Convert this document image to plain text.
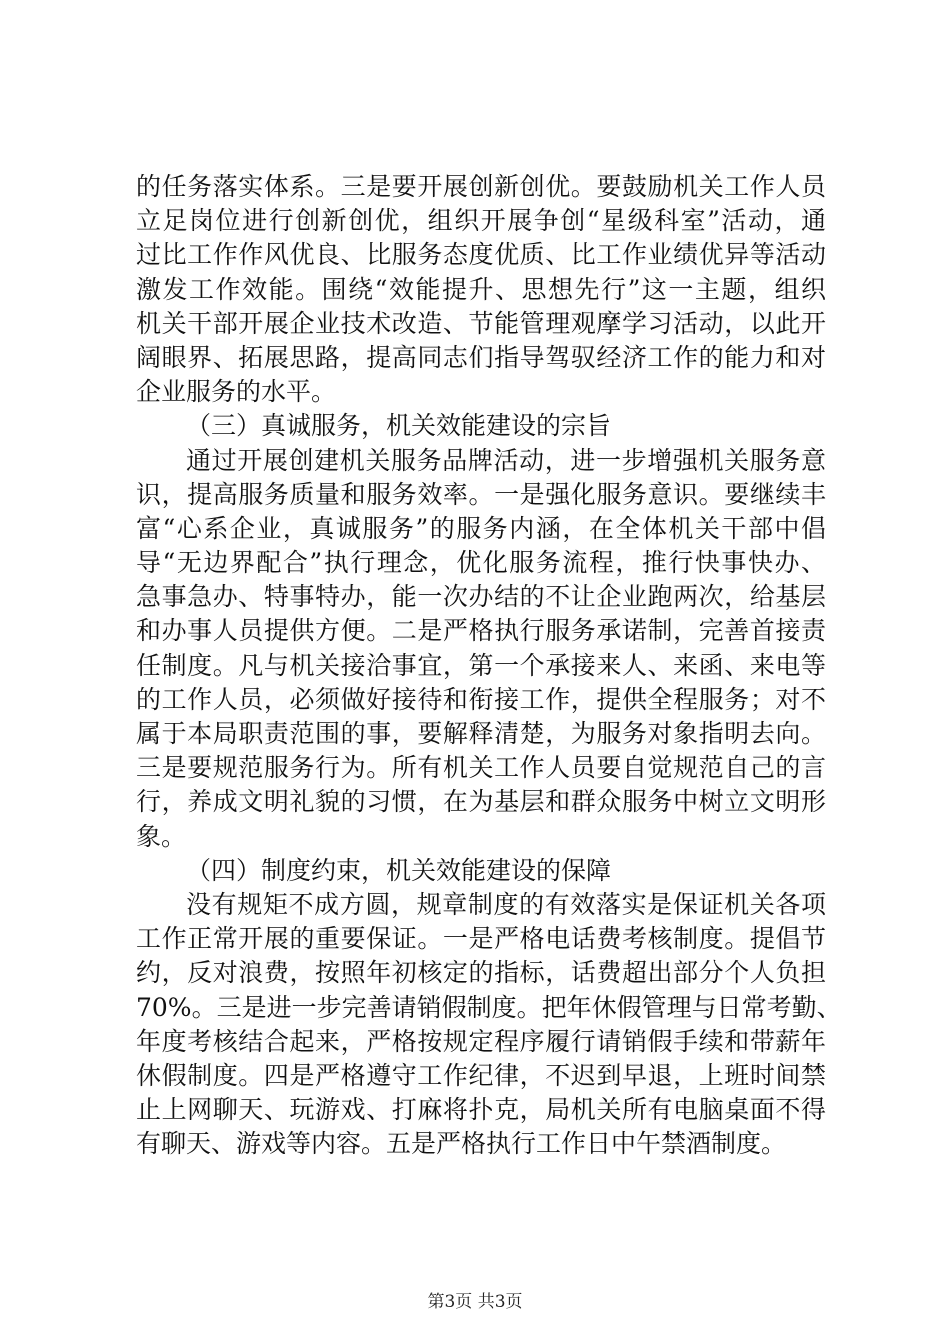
的任务落实体系。三是要开展创新创优。要鼓励机关工作人员
立足岗位进行创新创优，组织开展争创“星级科室”活动，通
过比工作作风优良、比服务态度优质、比工作业绩优异等活动
激发工作效能。围绕“效能提升、思想先行”这一主题，组织
机关干部开展企业技术改造、节能管理观摩学习活动，以此开
阔眼界、拓展思路，提高同志们指导驾驭经济工作的能力和对
企业服务的水平。
（三）真诚服务，机关效能建设的宗旨
通过开展创建机关服务品牌活动，进一步增强机关服务意
识，提高服务质量和服务效率。一是强化服务意识。要继续丰
富“心系企业，真诚服务”的服务内涵，在全体机关干部中倡
导“无边界配合”执行理念，优化服务流程，推行快事快办、
急事急办、特事特办，能一次办结的不让企业跑两次，给基层
和办事人员提供方便。二是严格执行服务承诺制，完善首接责
任制度。凡与机关接洽事宜，第一个承接来人、来函、来电等
的工作人员，必须做好接待和衔接工作，提供全程服务；对不
属于本局职责范围的事，要解释清楚，为服务对象指明去向。
三是要规范服务行为。所有机关工作人员要自觉规范自己的言
行，养成文明礼貌的习惯，在为基层和群众服务中树立文明形
象。
（四）制度约束，机关效能建设的保障
没有规矩不成方圆，规章制度的有效落实是保证机关各项
工作正常开展的重要保证。一是严格电话费考核制度。提倡节
约，反对浪费，按照年初核定的指标，话费超出部分个人负担
70%。三是进一步完善请销假制度。把年休假管理与日常考勤、
年度考核结合起来，严格按规定程序履行请销假手续和带薪年
休假制度。四是严格遵守工作纪律，不迟到早退，上班时间禁
止上网聊天、玩游戏、打麻将扑克，局机关所有电脑桌面不得
有聊天、游戏等内容。五是严格执行工作日中午禁酒制度。
第3页 共3页
